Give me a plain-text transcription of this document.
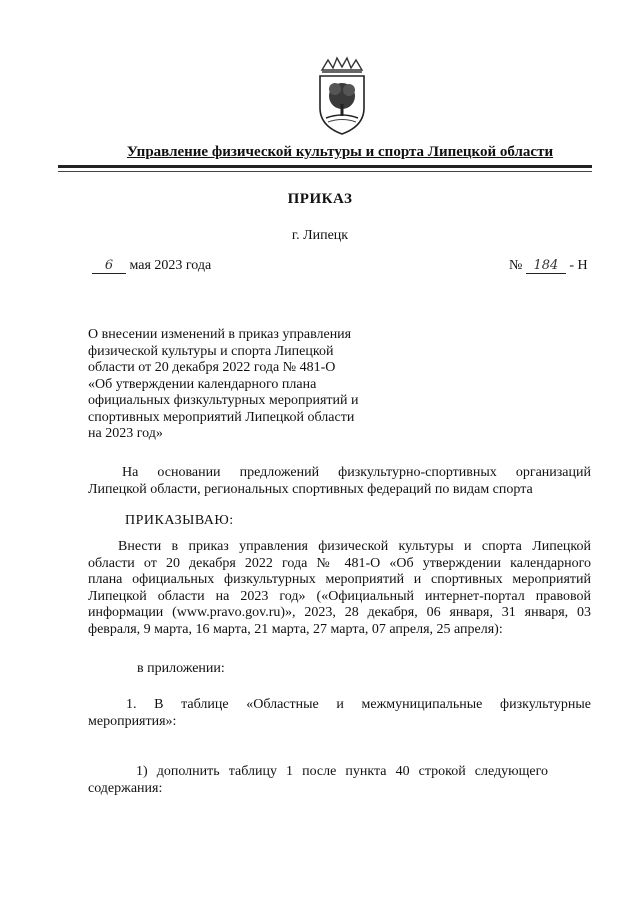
Управление физической культуры и спорта Липецкой области
ПРИКАЗ
г. Липецк
6 мая 2023 года	№ 184 - Н
О внесении изменений в приказ управления
физической культуры и спорта Липецкой
области от 20 декабря 2022 года № 481-О
«Об утверждении календарного плана
официальных физкультурных мероприятий и
спортивных мероприятий Липецкой области
на 2023 год»
На основании предложений физкультурно-спортивных организаций
Липецкой области, региональных спортивных федераций по видам спорта
ПРИКАЗЫВАЮ:
Внести в приказ управления физической культуры и спорта Липецкой
области от 20 декабря 2022 года № 481-О «Об утверждении календарного
плана официальных физкультурных мероприятий и спортивных мероприятий
Липецкой области на 2023 год» («Официальный интернет-портал правовой
информации (www.pravo.gov.ru)», 2023, 28 декабря, 06 января, 31 января, 03
февраля, 9 марта, 16 марта, 21 марта, 27 марта, 07 апреля, 25 апреля):
в приложении:
1. В таблице «Областные и межмуниципальные физкультурные
мероприятия»:
1) дополнить таблицу 1 после пункта 40 строкой следующего
содержания:
